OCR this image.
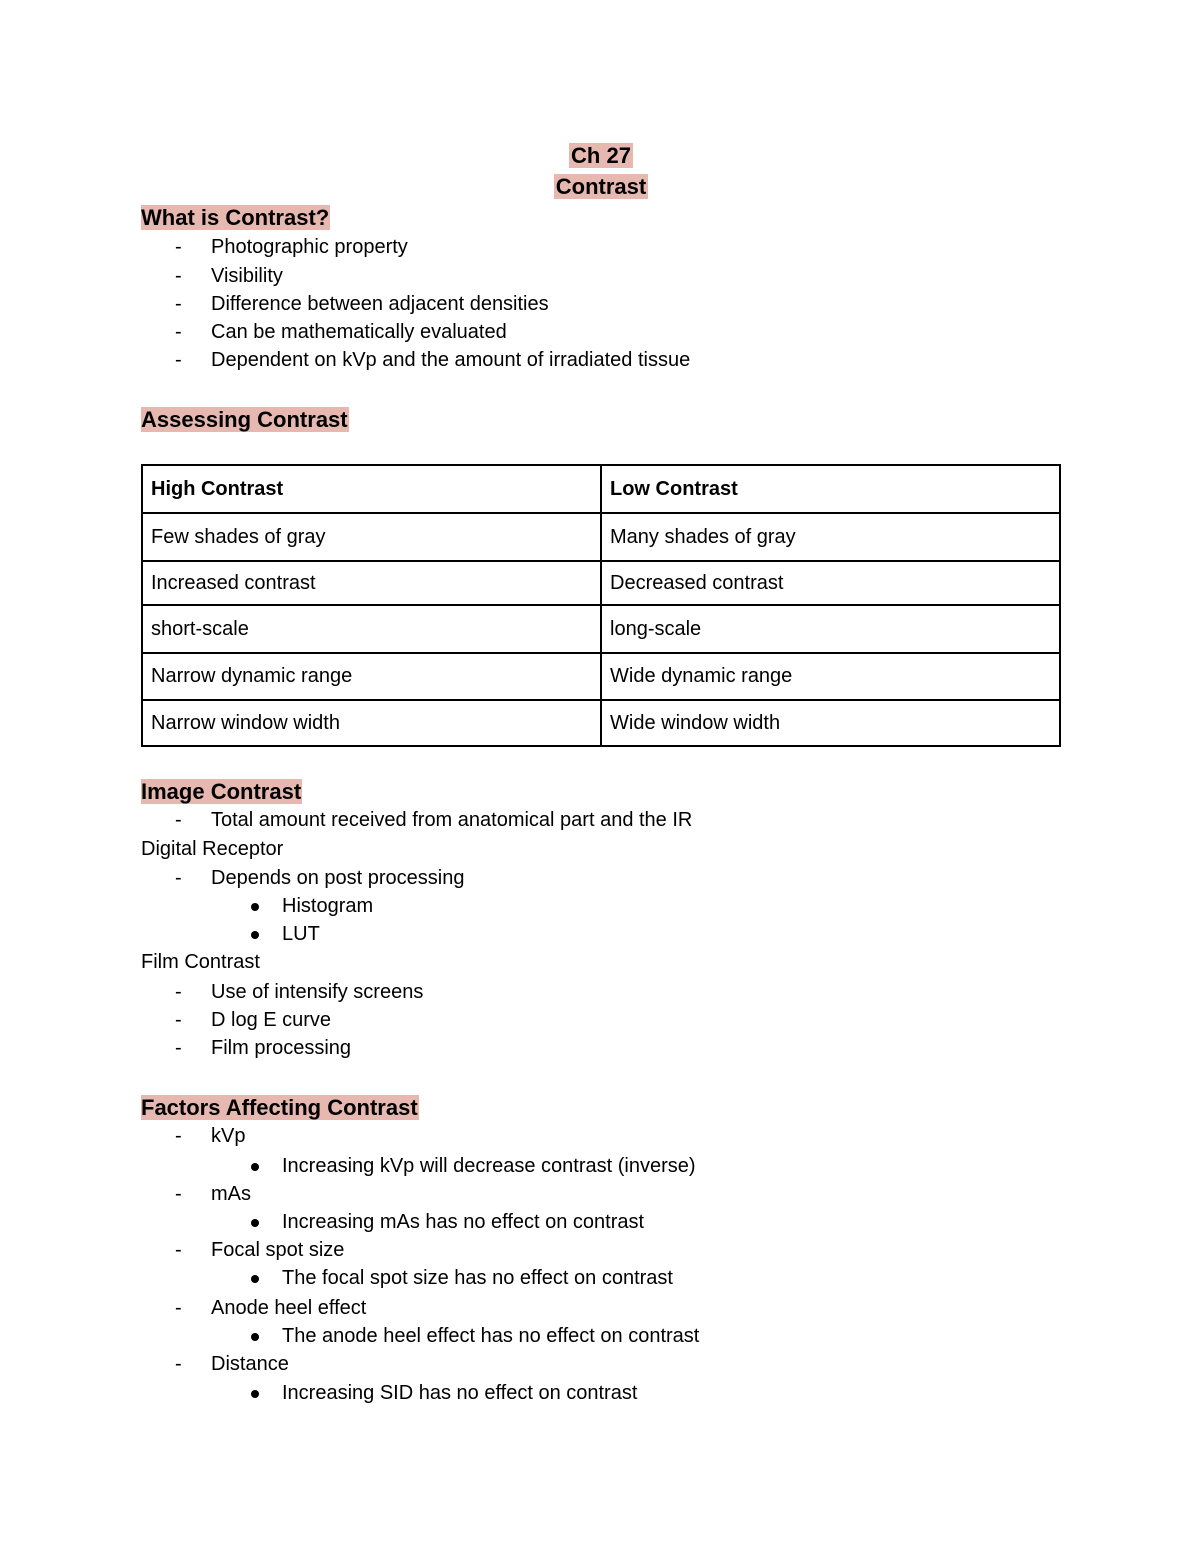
Ch 27
Contrast
What is Contrast?
- Photographic property
- Visibility
- Difference between adjacent densities
- Can be mathematically evaluated
- Dependent on kVp and the amount of irradiated tissue
Assessing Contrast
High Contrast	Low Contrast
Few shades of gray	Many shades of gray
Increased contrast	Decreased contrast
short-scale	long-scale
Narrow dynamic range	Wide dynamic range
Narrow window width	Wide window width
Image Contrast
- Total amount received from anatomical part and the IR
Digital Receptor
- Depends on post processing
Histogram
LUT
Film Contrast
- Use of intensify screens
- D log E curve
- Film processing
Factors Affecting Contrast
- kVp
Increasing kVp will decrease contrast (inverse)
- mAs
Increasing mAs has no effect on contrast
- Focal spot size
The focal spot size has no effect on contrast
- Anode heel effect
The anode heel effect has no effect on contrast
- Distance
Increasing SID has no effect on contrast
